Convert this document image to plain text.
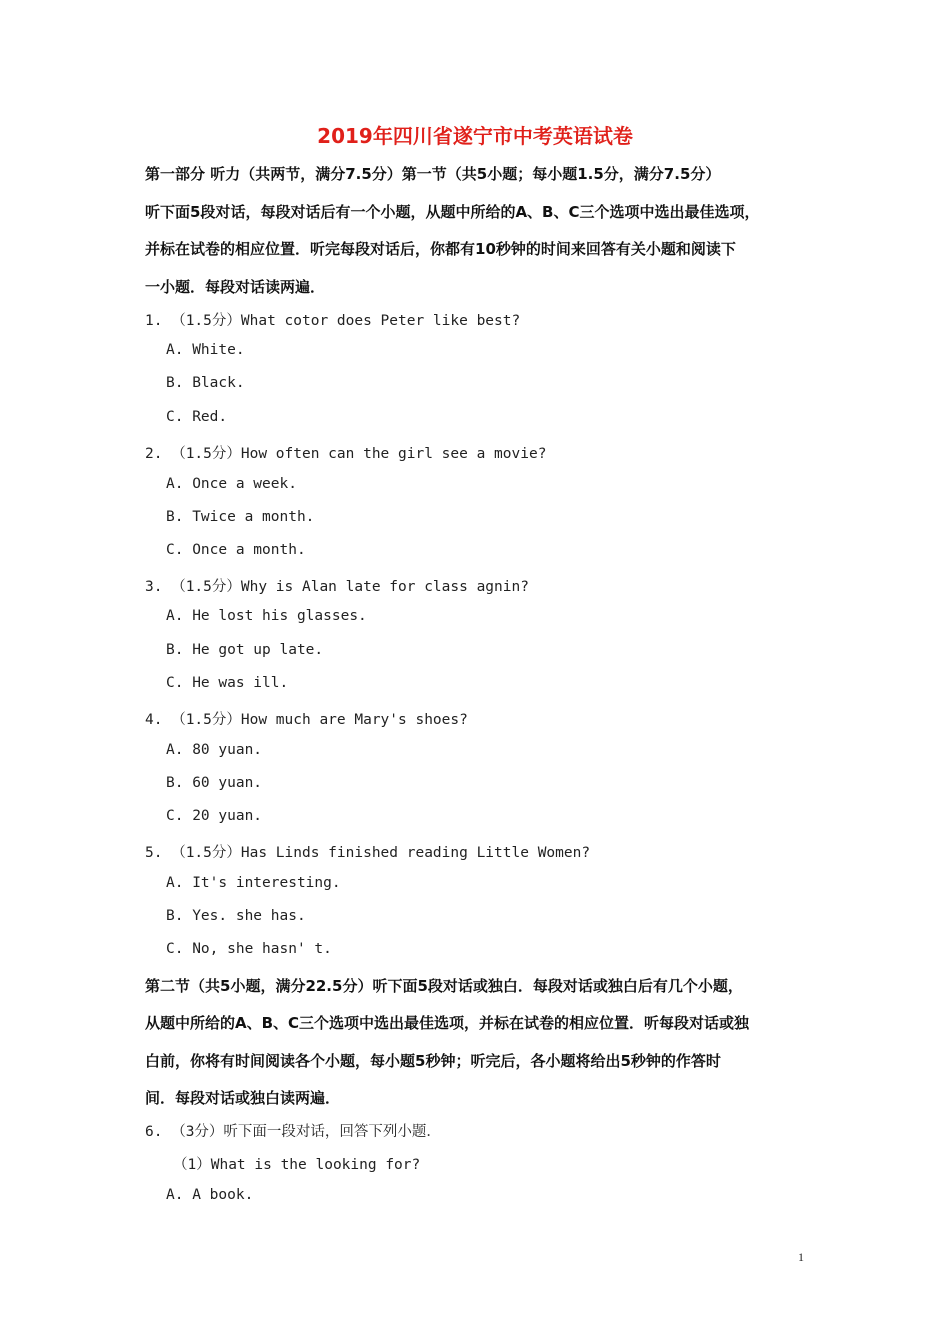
2019年四川省遂宁市中考英语试卷
第一部分 听力（共两节，满分7.5分）第一节（共5小题；每小题1.5分，满分7.5分）
听下面5段对话，每段对话后有一个小题，从题中所给的A、B、C三个选项中选出最佳选项，
并标在试卷的相应位置．听完每段对话后，你都有10秒钟的时间来回答有关小题和阅读下
一小题．每段对话读两遍．
1. （1.5分）What cotor does Peter like best?
A. White.
B. Black.
C. Red.
2. （1.5分）How often can the girl see a movie?
A. Once a week.
B. Twice a month.
C. Once a month.
3. （1.5分）Why is Alan late for class agnin?
A. He lost his glasses.
B. He got up late.
C. He was ill.
4. （1.5分）How much are Mary's shoes?
A. 80 yuan.
B. 60 yuan.
C. 20 yuan.
5. （1.5分）Has Linds finished reading Little Women?
A. It's interesting.
B. Yes. she has.
C. No, she hasn' t.
第二节（共5小题，满分22.5分）听下面5段对话或独白．每段对话或独白后有几个小题，
从题中所给的A、B、C三个选项中选出最佳选项，并标在试卷的相应位置．听每段对话或独
白前，你将有时间阅读各个小题，每小题5秒钟；听完后，各小题将给出5秒钟的作答时
间．每段对话或独白读两遍．
6. （3分）听下面一段对话，回答下列小题．
（1）What is the looking for?
A. A book.
1
